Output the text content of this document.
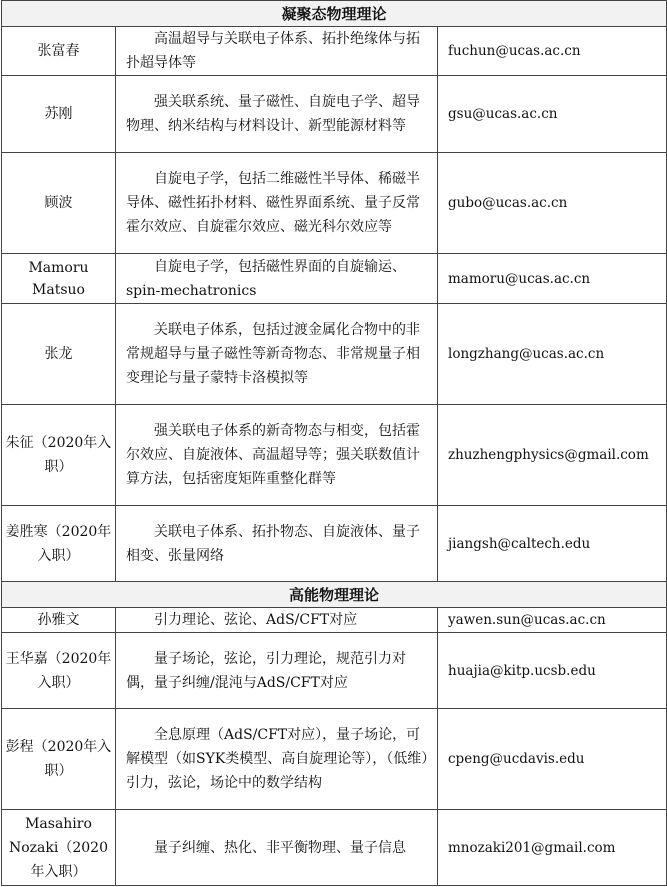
凝聚态物理理论		
张富春	高温超导与关联电子体系、拓扑绝缘体与拓扑超导体等	fuchun@ucas.ac.cn
苏刚	强关联系统、量子磁性、自旋电子学、超导物理、纳米结构与材料设计、新型能源材料等	gsu@ucas.ac.cn
顾波	自旋电子学，包括二维磁性半导体、稀磁半导体、磁性拓扑材料、磁性界面系统、量子反常霍尔效应、自旋霍尔效应、磁光科尔效应等	gubo@ucas.ac.cn
Mamoru Matsuo	自旋电子学，包括磁性界面的自旋输运、spin-mechatronics	mamoru@ucas.ac.cn
张龙	关联电子体系，包括过渡金属化合物中的非常规超导与量子磁性等新奇物态、非常规量子相变理论与量子蒙特卡洛模拟等	longzhang@ucas.ac.cn
朱征（2020年入职）	强关联电子体系的新奇物态与相变，包括霍尔效应、自旋液体、高温超导等；强关联数值计算方法，包括密度矩阵重整化群等	zhuzhengphysics@gmail.com
姜胜寒（2020年入职）	关联电子体系、拓扑物态、自旋液体、量子相变、张量网络	jiangsh@caltech.edu
高能物理理论		
孙雅文	引力理论、弦论、AdS/CFT对应	yawen.sun@ucas.ac.cn
王华嘉（2020年入职）	量子场论，弦论，引力理论，规范引力对偶，量子纠缠/混沌与AdS/CFT对应	huajia@kitp.ucsb.edu
彭程（2020年入职）	全息原理（AdS/CFT对应），量子场论，可解模型（如SYK类模型、高自旋理论等），（低维）引力，弦论，场论中的数学结构	cpeng@ucdavis.edu
Masahiro Nozaki（2020年入职）	量子纠缠、热化、非平衡物理、量子信息	mnozaki201@gmail.com
